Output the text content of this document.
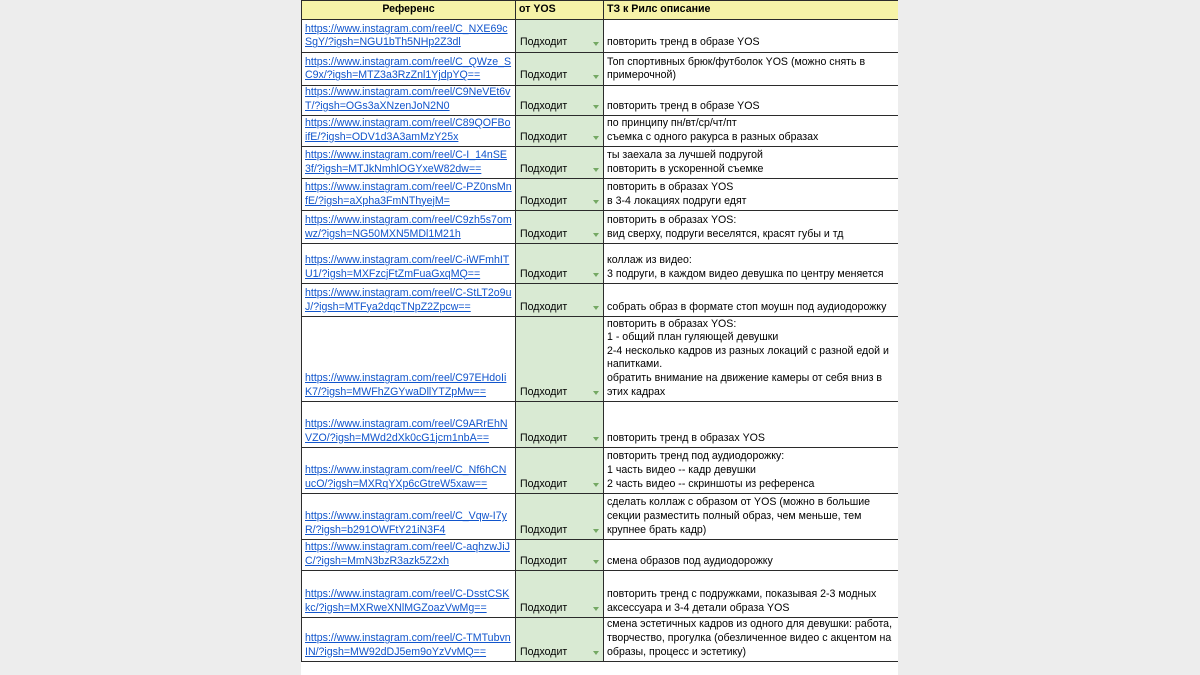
Референс	от YOS	ТЗ к Рилс описание
https://www.instagram.com/reel/C_NXE69cSgY/?igsh=NGU1bTh5NHp2Z3dl	Подходит	повторить тренд в образе YOS
https://www.instagram.com/reel/C_QWze_SC9x/?igsh=MTZ3a3RzZnl1YjdpYQ==	Подходит	Топ спортивных брюк/футболок YOS (можно снять в примерочной)
https://www.instagram.com/reel/C9NeVEt6vT/?igsh=OGs3aXNzenJoN2N0	Подходит	повторить тренд в образе YOS
https://www.instagram.com/reel/C89QOFBoifE/?igsh=ODV1d3A3amMzY25x	Подходит	по принципу пн/вт/ср/чт/пт
съемка с одного ракурса в разных образах
https://www.instagram.com/reel/C-I_14nSE3f/?igsh=MTJkNmhlOGYxeW82dw==	Подходит	ты заехала за лучшей подругой
повторить в ускоренной съемке
https://www.instagram.com/reel/C-PZ0nsMnfE/?igsh=aXpha3FmNThyejM=	Подходит	повторить в образах YOS
в 3-4 локациях подруги едят
https://www.instagram.com/reel/C9zh5s7omwz/?igsh=NG50MXN5MDl1M21h	Подходит	повторить в образах YOS:
вид сверху, подруги веселятся, красят губы и тд
https://www.instagram.com/reel/C-iWFmhITU1/?igsh=MXFzcjFtZmFuaGxqMQ==	Подходит	коллаж из видео:
3 подруги, в каждом видео девушка по центру меняется
https://www.instagram.com/reel/C-StLT2o9uJ/?igsh=MTFya2dqcTNpZ2Zpcw==	Подходит	собрать образ в формате стоп моушн под аудиодорожку
https://www.instagram.com/reel/C97EHdoIiK7/?igsh=MWFhZGYwaDllYTZpMw==	Подходит	повторить в образах YOS:
1 - общий план гуляющей девушки
2-4 несколько кадров из разных локаций с разной едой и напитками.
обратить внимание на движение камеры от себя вниз в этих кадрах
https://www.instagram.com/reel/C9ARrEhNVZO/?igsh=MWd2dXk0cG1jcm1nbA==	Подходит	повторить тренд в образах YOS
https://www.instagram.com/reel/C_Nf6hCNucO/?igsh=MXRqYXp6cGtreW5xaw==	Подходит	повторить тренд под аудиодорожку:
1 часть видео -- кадр девушки
2 часть видео -- скриншоты из референса
https://www.instagram.com/reel/C_Vqw-I7yR/?igsh=b291OWFtY21iN3F4	Подходит	сделать коллаж с образом от YOS (можно в большие секции разместить полный образ, чем меньше, тем крупнее брать кадр)
https://www.instagram.com/reel/C-aqhzwJiJC/?igsh=MmN3bzR3azk5Z2xh	Подходит	смена образов под аудиодорожку
https://www.instagram.com/reel/C-DsstCSKkc/?igsh=MXRweXNlMGZoazVwMg==	Подходит	повторить тренд с подружками, показывая 2-3 модных аксессуара и 3-4 детали образа YOS
https://www.instagram.com/reel/C-TMTubvnIN/?igsh=MW92dDJ5em9oYzVvMQ==	Подходит	смена эстетичных кадров из одного для девушки: работа, творчество, прогулка (обезличенное видео с акцентом на образы, процесс и эстетику)
